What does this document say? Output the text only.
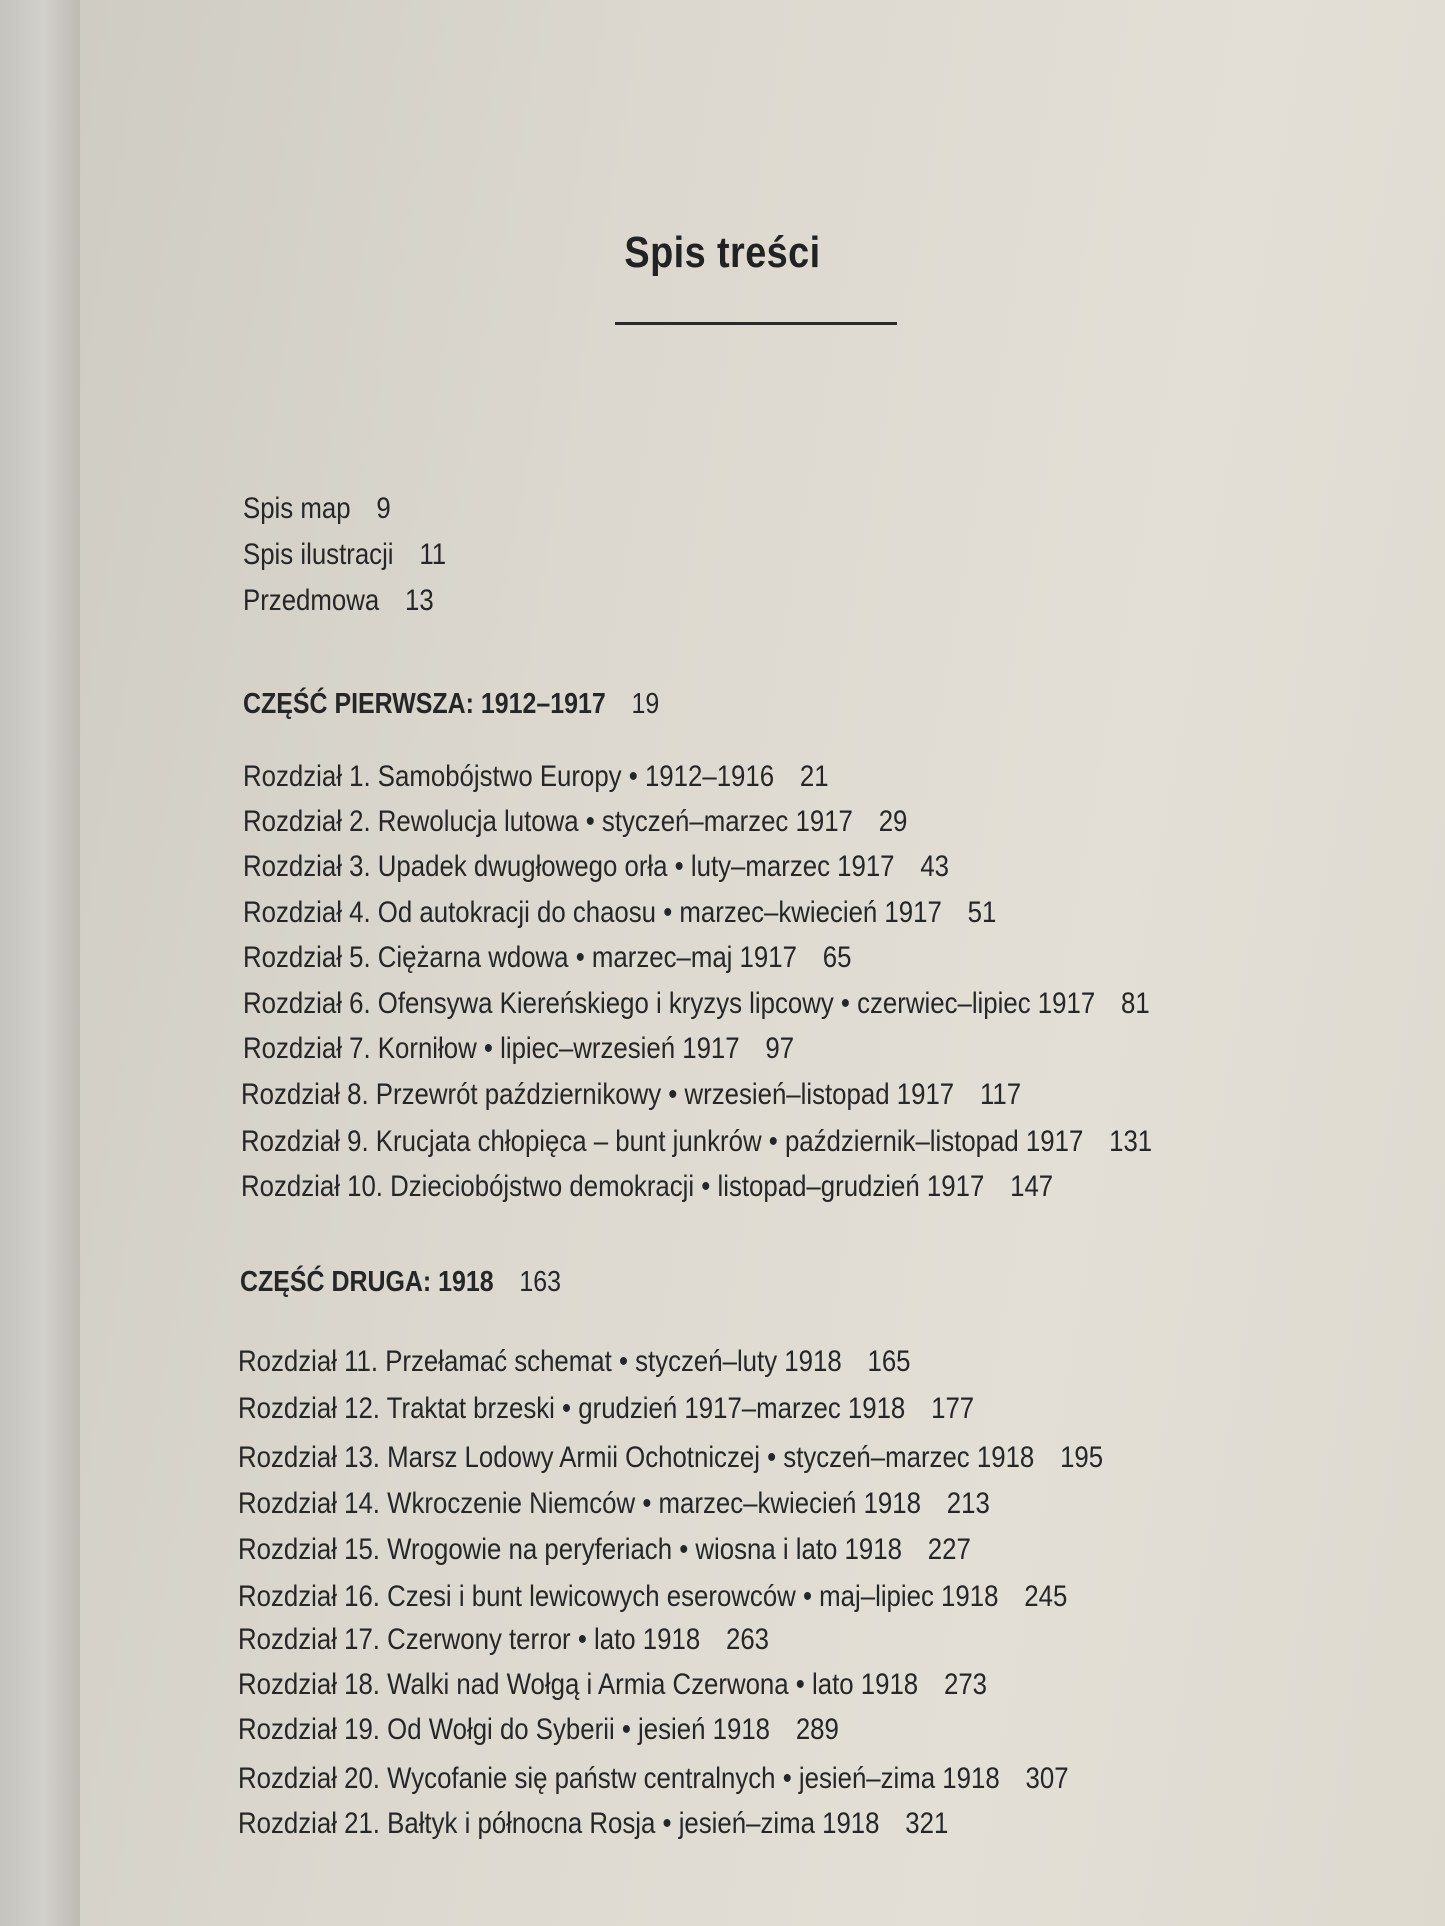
Spis treści
Spis map 9
Spis ilustracji 11
Przedmowa 13
CZĘŚĆ PIERWSZA: 1912–1917 19
Rozdział 1. Samobójstwo Europy • 1912–1916 21
Rozdział 2. Rewolucja lutowa • styczeń–marzec 1917 29
Rozdział 3. Upadek dwugłowego orła • luty–marzec 1917 43
Rozdział 4. Od autokracji do chaosu • marzec–kwiecień 1917 51
Rozdział 5. Ciężarna wdowa • marzec–maj 1917 65
Rozdział 6. Ofensywa Kiereńskiego i kryzys lipcowy • czerwiec–lipiec 1917 81
Rozdział 7. Korniłow • lipiec–wrzesień 1917 97
Rozdział 8. Przewrót październikowy • wrzesień–listopad 1917 117
Rozdział 9. Krucjata chłopięca – bunt junkrów • październik–listopad 1917 131
Rozdział 10. Dzieciobójstwo demokracji • listopad–grudzień 1917 147
CZĘŚĆ DRUGA: 1918 163
Rozdział 11. Przełamać schemat • styczeń–luty 1918 165
Rozdział 12. Traktat brzeski • grudzień 1917–marzec 1918 177
Rozdział 13. Marsz Lodowy Armii Ochotniczej • styczeń–marzec 1918 195
Rozdział 14. Wkroczenie Niemców • marzec–kwiecień 1918 213
Rozdział 15. Wrogowie na peryferiach • wiosna i lato 1918 227
Rozdział 16. Czesi i bunt lewicowych eserowców • maj–lipiec 1918 245
Rozdział 17. Czerwony terror • lato 1918 263
Rozdział 18. Walki nad Wołgą i Armia Czerwona • lato 1918 273
Rozdział 19. Od Wołgi do Syberii • jesień 1918 289
Rozdział 20. Wycofanie się państw centralnych • jesień–zima 1918 307
Rozdział 21. Bałtyk i północna Rosja • jesień–zima 1918 321
